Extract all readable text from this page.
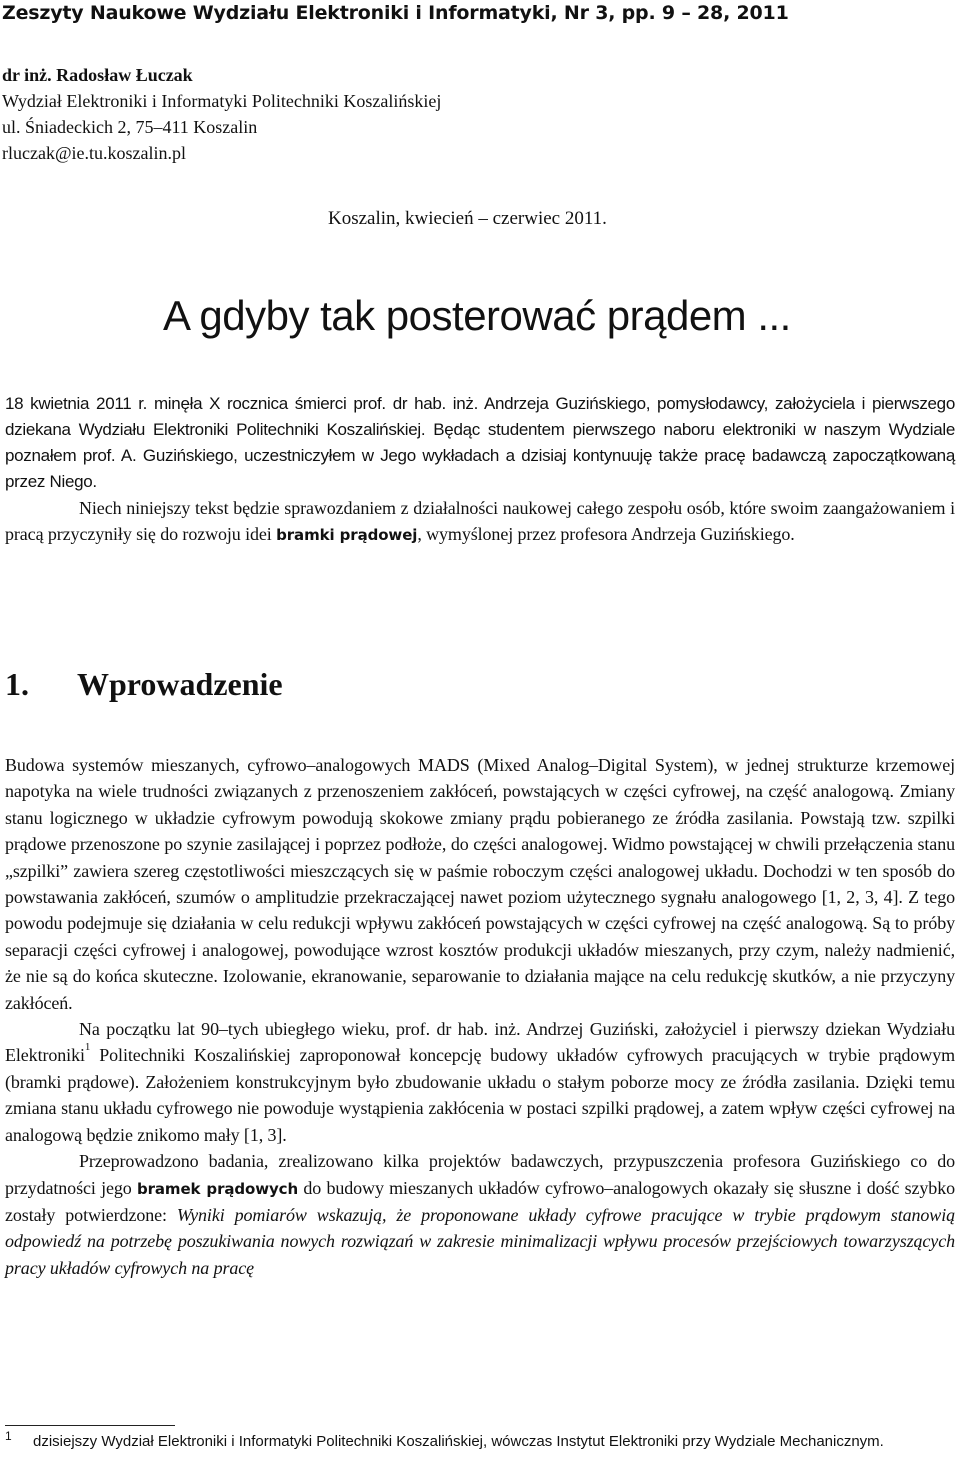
Zeszyty Naukowe Wydziału Elektroniki i Informatyki, Nr 3, pp. 9 – 28, 2011
dr inż. Radosław Łuczak
Wydział Elektroniki i Informatyki Politechniki Koszalińskiej
ul. Śniadeckich 2, 75–411 Koszalin
rluczak@ie.tu.koszalin.pl
Koszalin, kwiecień – czerwiec 2011.
A gdyby tak posterować prądem ...

18 kwietnia 2011 r. minęła X rocznica śmierci prof. dr hab. inż. Andrzeja Guzińskiego, pomysłodawcy, założyciela i pierwszego dziekana Wydziału Elektroniki Politechniki Koszalińskiej. Będąc studentem pierwszego naboru elektroniki w naszym Wydziale poznałem prof. A. Guzińskiego, uczestniczyłem w Jego wykładach a dzisiaj kontynuuję także pracę badawczą zapoczątkowaną przez Niego.

Niech niniejszy tekst będzie sprawozdaniem z działalności naukowej całego zespołu osób, które swoim zaangażowaniem i pracą przyczyniły się do rozwoju idei bramki prądowej, wymyślonej przez profesora Andrzeja Guzińskiego.

1. Wprowadzenie

Budowa systemów mieszanych, cyfrowo–analogowych MADS (Mixed Analog–Digital System), w jednej strukturze krzemowej napotyka na wiele trudności związanych z przenoszeniem zakłóceń, powstających w części cyfrowej, na część analogową. Zmiany stanu logicznego w układzie cyfrowym powodują skokowe zmiany prądu pobieranego ze źródła zasilania. Powstają tzw. szpilki prądowe przenoszone po szynie zasilającej i poprzez podłoże, do części analogowej. Widmo powstającej w chwili przełączenia stanu „szpilki” zawiera szereg częstotliwości mieszczących się w paśmie roboczym części analogowej układu. Dochodzi w ten sposób do powstawania zakłóceń, szumów o amplitudzie przekraczającej nawet poziom użytecznego sygnału analogowego [1, 2, 3, 4]. Z tego powodu podejmuje się działania w celu redukcji wpływu zakłóceń powstających w części cyfrowej na część analogową. Są to próby separacji części cyfrowej i analogowej, powodujące wzrost kosztów produkcji układów mieszanych, przy czym, należy nadmienić, że nie są do końca skuteczne. Izolowanie, ekranowanie, separowanie to działania mające na celu redukcję skutków, a nie przyczyny zakłóceń.

Na początku lat 90–tych ubiegłego wieku, prof. dr hab. inż. Andrzej Guziński, założyciel i pierwszy dziekan Wydziału Elektroniki$^1$ Politechniki Koszalińskiej zaproponował koncepcję budowy układów cyfrowych pracujących w trybie prądowym (bramki prądowe). Założeniem konstrukcyjnym było zbudowanie układu o stałym poborze mocy ze źródła zasilania. Dzięki temu zmiana stanu układu cyfrowego nie powoduje wystąpienia zakłócenia w postaci szpilki prądowej, a zatem wpływ części cyfrowej na analogową będzie znikomo mały [1, 3].

Przeprowadzono badania, zrealizowano kilka projektów badawczych, przypuszczenia profesora Guzińskiego co do przydatności jego bramek prądowych do budowy mieszanych układów cyfrowo–analogowych okazały się słuszne i dość szybko zostały potwierdzone: Wyniki pomiarów wskazują, że proponowane układy cyfrowe pracujące w trybie prądowym stanowią odpowiedź na potrzebę poszukiwania nowych rozwiązań w zakresie minimalizacji wpływu procesów przejściowych towarzyszących pracy układów cyfrowych na pracę

1 dzisiejszy Wydział Elektroniki i Informatyki Politechniki Koszalińskiej, wówczas Instytut Elektroniki przy Wydziale Mechanicznym.
